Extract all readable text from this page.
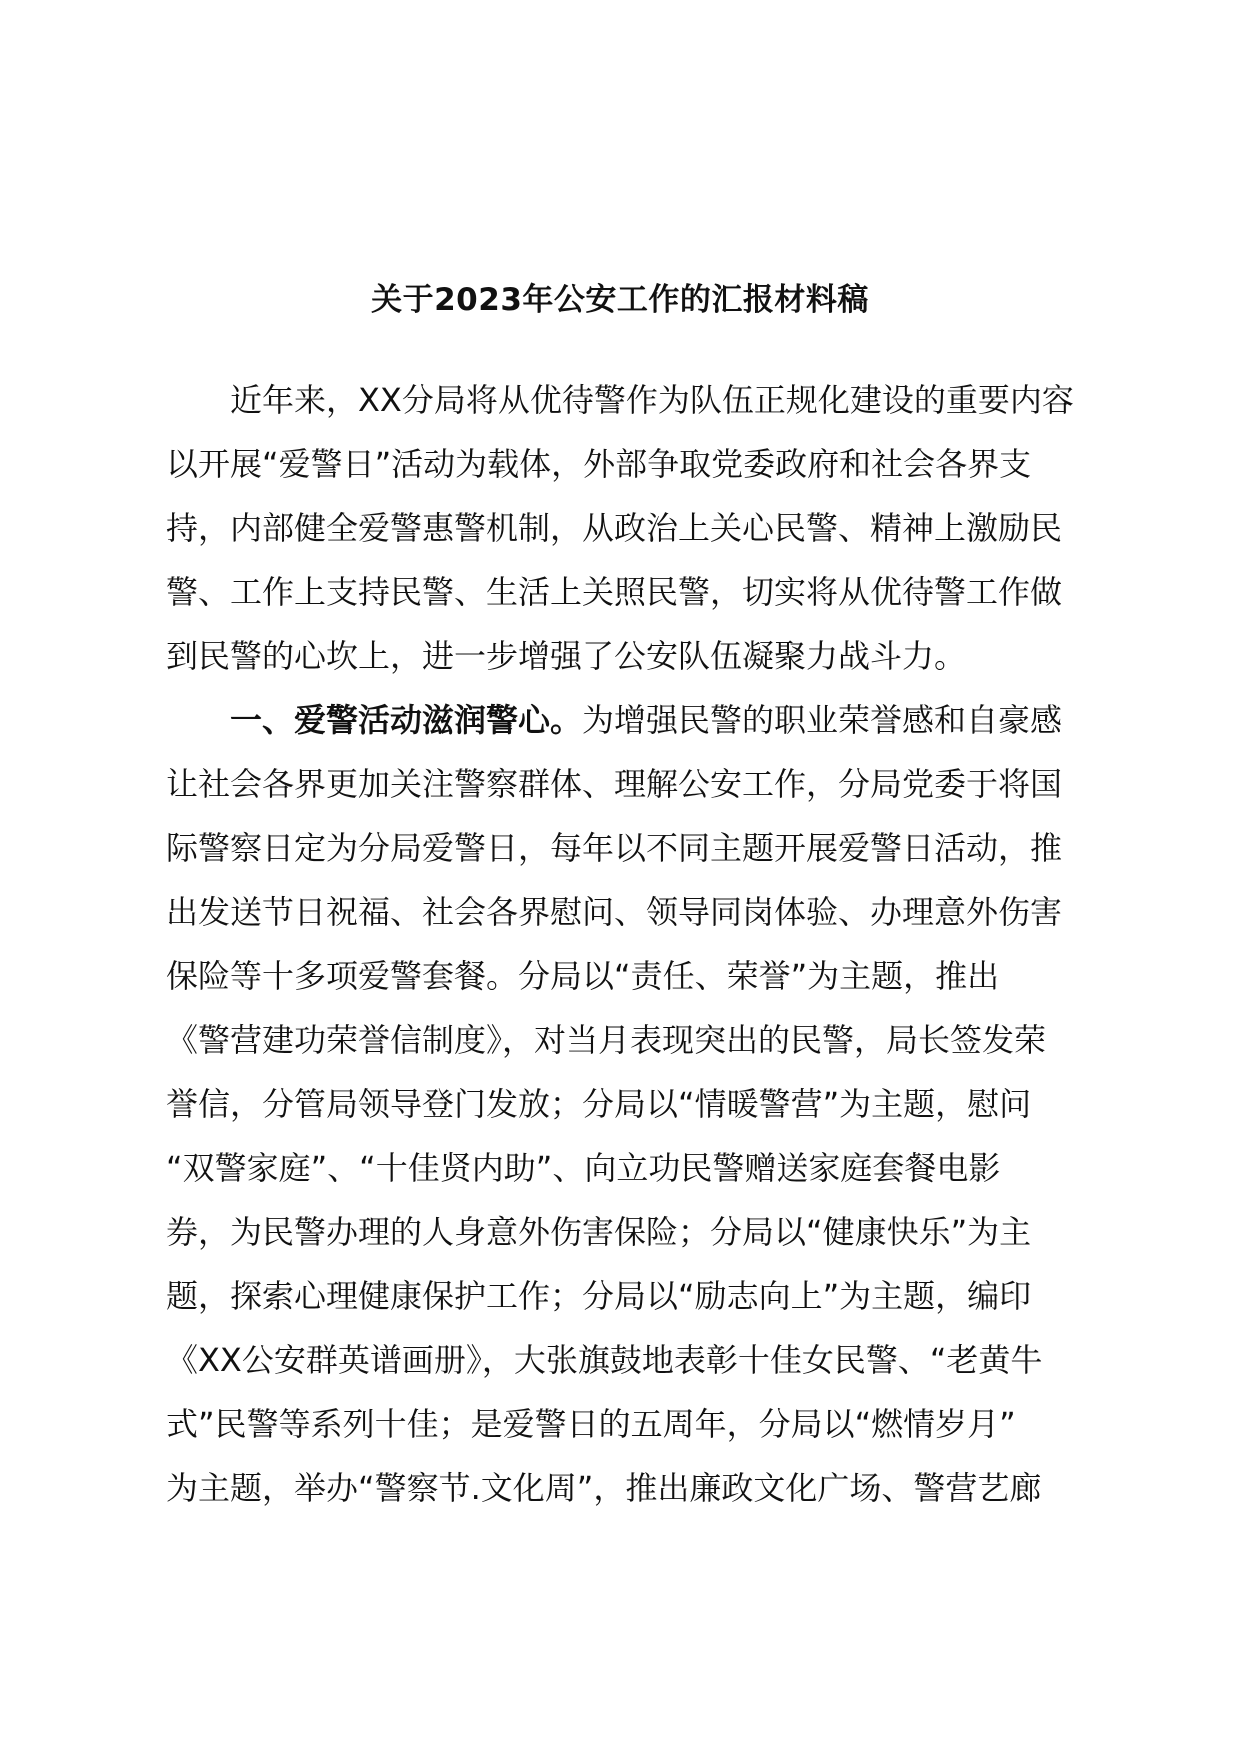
关于2023年公安工作的汇报材料稿
近年来，XX分局将从优待警作为队伍正规化建设的重要内容
以开展“爱警日”活动为载体，外部争取党委政府和社会各界支
持，内部健全爱警惠警机制，从政治上关心民警、精神上激励民
警、工作上支持民警、生活上关照民警，切实将从优待警工作做
到民警的心坎上，进一步增强了公安队伍凝聚力战斗力。
一、爱警活动滋润警心。为增强民警的职业荣誉感和自豪感
让社会各界更加关注警察群体、理解公安工作，分局党委于将国
际警察日定为分局爱警日，每年以不同主题开展爱警日活动，推
出发送节日祝福、社会各界慰问、领导同岗体验、办理意外伤害
保险等十多项爱警套餐。分局以“责任、荣誉”为主题，推出
《警营建功荣誉信制度》，对当月表现突出的民警，局长签发荣
誉信，分管局领导登门发放；分局以“情暖警营”为主题，慰问
“双警家庭”、“十佳贤内助”、向立功民警赠送家庭套餐电影
券，为民警办理的人身意外伤害保险；分局以“健康快乐”为主
题，探索心理健康保护工作；分局以“励志向上”为主题，编印
《XX公安群英谱画册》，大张旗鼓地表彰十佳女民警、“老黄牛
式”民警等系列十佳；是爱警日的五周年，分局以“燃情岁月”
为主题，举办“警察节.文化周”，推出廉政文化广场、警营艺廊
